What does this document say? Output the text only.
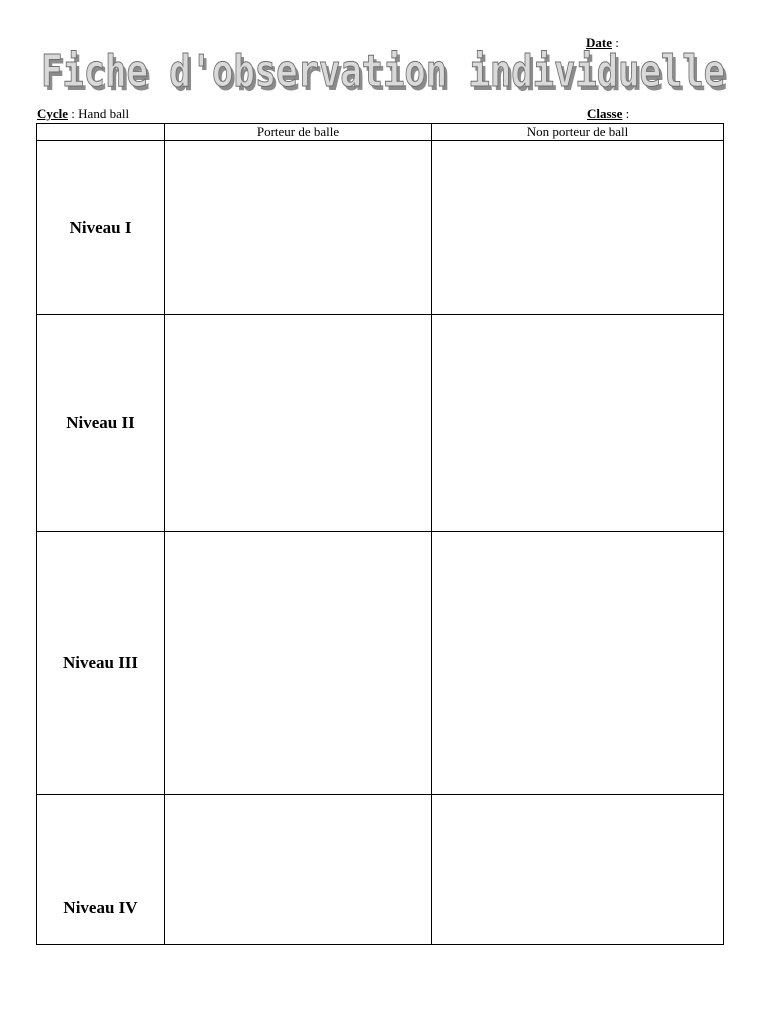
Date :
Fiche d'observation individuelle
Fiche d'observation individuelle
Cycle : Hand ball	Classe :
	Porteur de balle	Non porteur de ball
Niveau I		
Niveau II		
Niveau III		
Niveau IV		
